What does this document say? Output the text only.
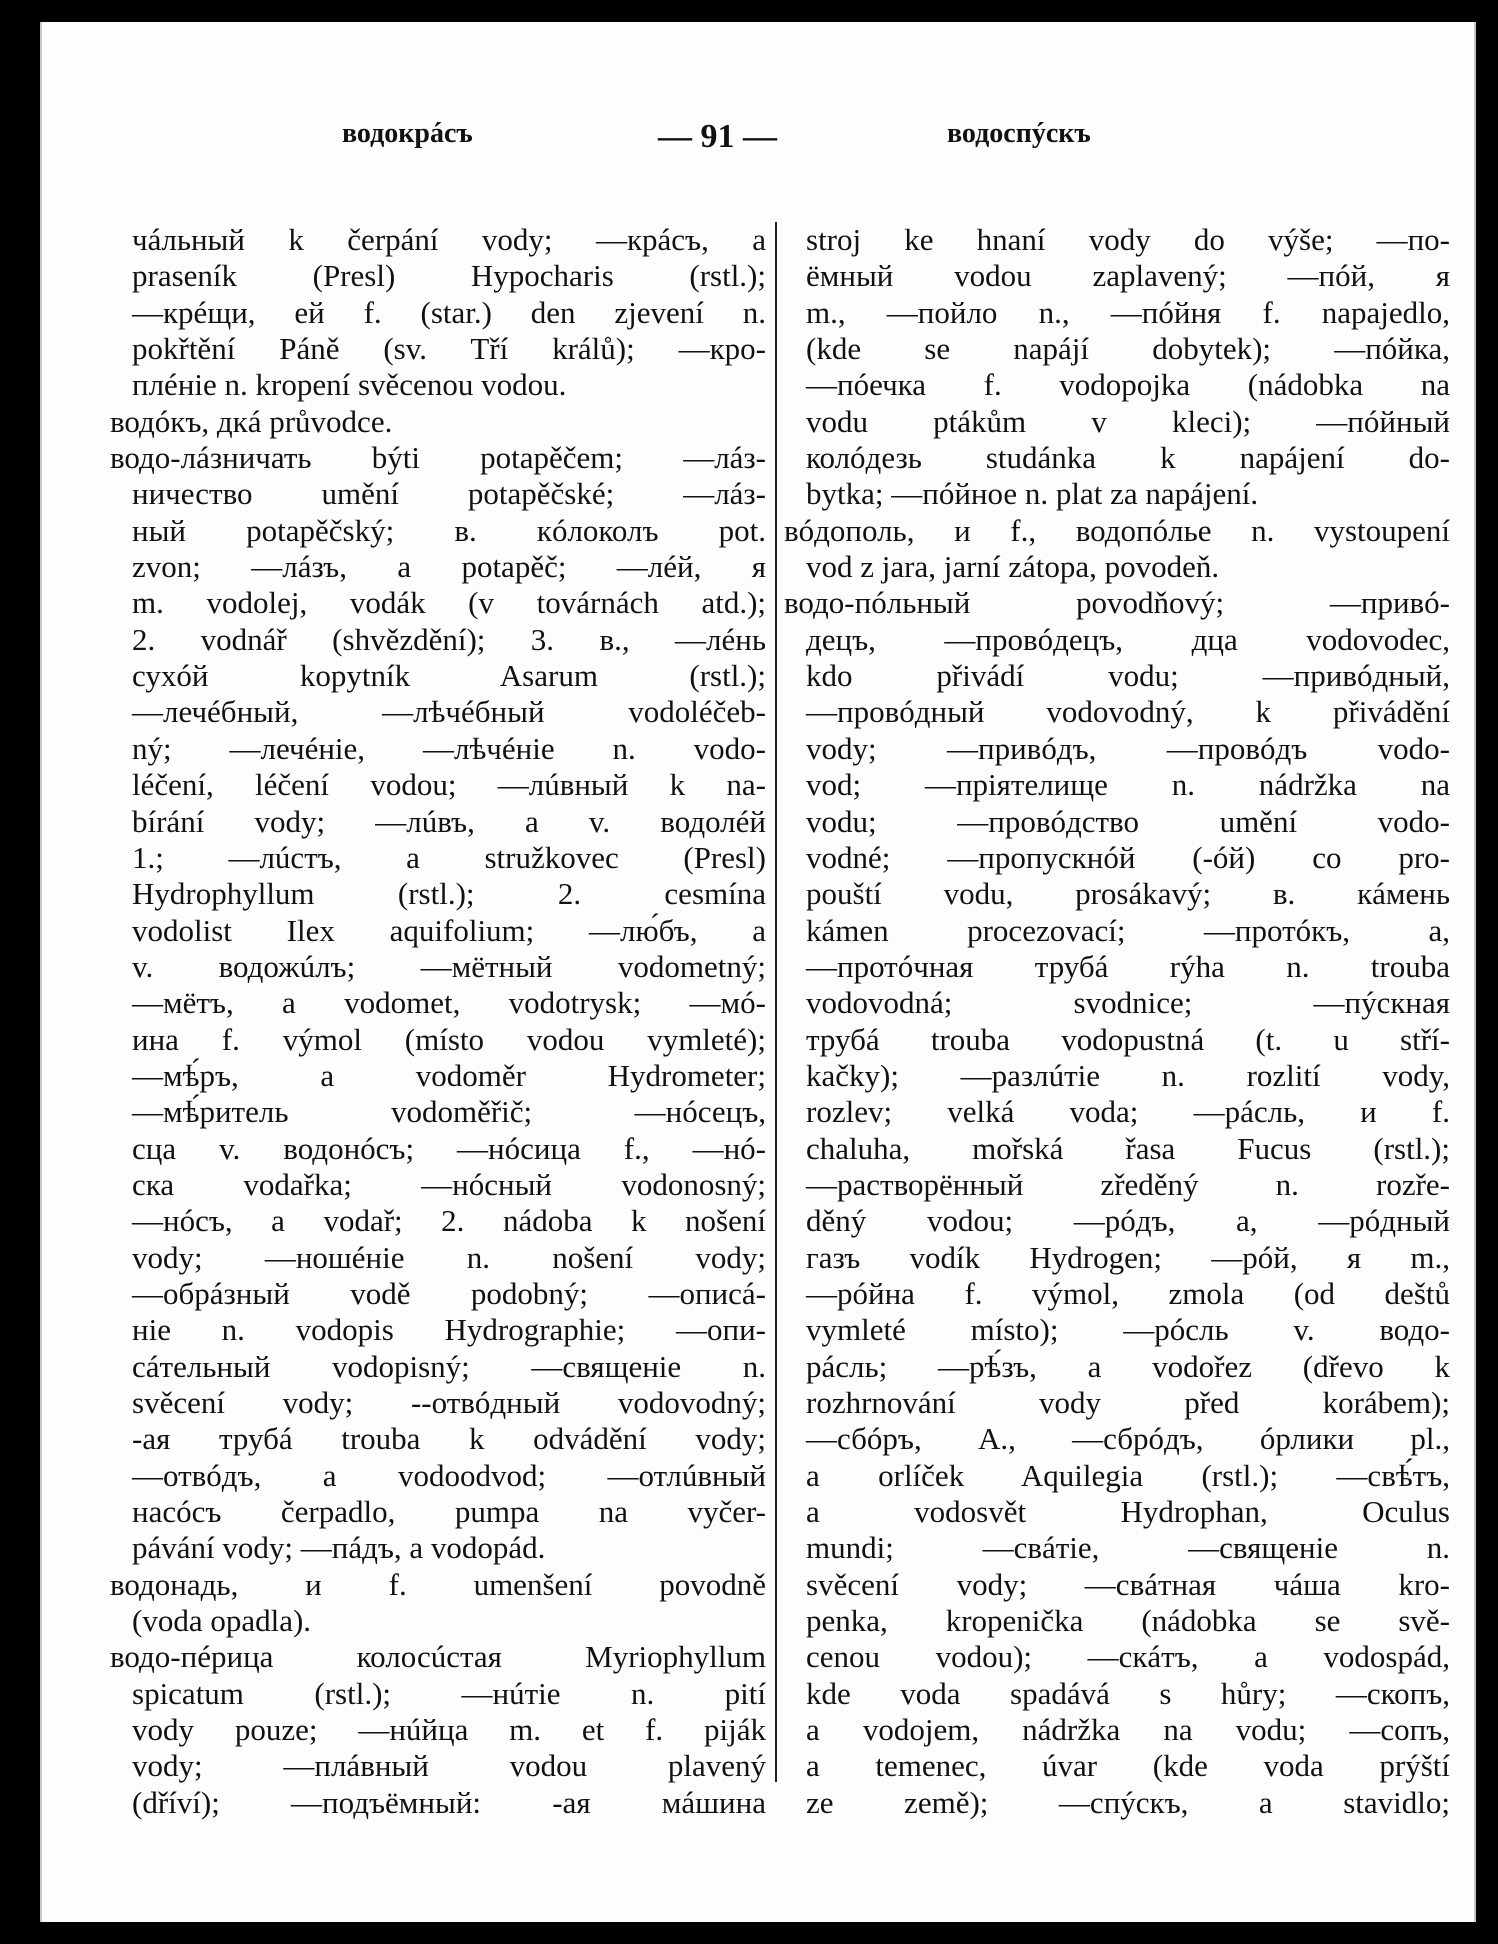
водокрáсъ	— 91 —	водоспýскъ
чáльный k čerpání vody; —крáсъ, a
praseník (Presl) Hypocharis (rstl.);
—крéщи, ей f. (star.) den zjevení n.
pokřtění Páně (sv. Tří králů); —кро-
плéніе n. kropení svěcenou vodou.
водóкъ, дкá průvodce.
водо-лáзничать býti potapěčem; —лáз-
ничество umění potapěčské; —лáз-
ный potapěčský; в. кóлоколъ pot.
zvon; —лáзъ, a potapěč; —лéй, я
m. vodolej, vodák (v továrnách atd.);
2. vodnář (shvězdění); 3. в., —лéнь
сухóй kopytník Asarum (rstl.);
—лечéбный, —лѣчéбный vodoléčeb-
ný; —лечéніе, —лѣчéніе n. vodo-
léčení, léčení vodou; —лúвный k na-
bírání vody; —лúвъ, a v. водолéй
1.; —лúстъ, a stružkovec (Presl)
Hydrophyllum (rstl.); 2. cesmína
vodolist Ilex aquifolium; —лю́бъ, a
v. водожúлъ; —мётный vodometný;
—мётъ, a vodomet, vodotrysk; —мó-
ина f. výmol (místo vodou vymleté);
—мѣ́ръ, a vodoměr Hydrometer;
—мѣ́ритель vodoměřič; —нóсецъ,
сца v. водонóсъ; —нóсица f., —нó-
ска vodařka; —нóсный vodonosný;
—нóсъ, a vodař; 2. nádoba k nošení
vody; —ношéніе n. nošení vody;
—обрáзный vodě podobný; —описá-
ніе n. vodopis Hydrographie; —опи-
сáтельный vodopisný; —священіе n.
svěcení vody; --отвóдный vodovodný;
-ая трубá trouba k odvádění vody;
—отвóдъ, a vodoodvod; —отлúвный
насóсъ čerpadlo, pumpa na vyčer-
pávání vody; —пáдъ, a vodopád.
водонадь, и f. umenšení povodně
(voda opadla).
водо-пéрица колосúстая Myriophyllum
spicatum (rstl.); —нúтіе n. pití
vody pouze; —нúйца m. et f. piják
vody; —плáвный vodou plavený
(dříví); —подъёмный: -ая мáшина
stroj ke hnaní vody do výše; —по-
ёмный vodou zaplavený; —пóй, я
m., —пойло n., —пóйня f. napajedlo,
(kde se napájí dobytek); —пóйка,
—пóечка f. vodopojka (nádobka na
vodu ptákům v kleci); —пóйный
колóдезь studánka k napájení do-
bytka; —пóйное n. plat za napájení.
вóдополь, и f., водопóлье n. vystoupení
vod z jara, jarní zátopa, povodeň.
водо-пóльный povodňový; —привó-
децъ, —провóдецъ, дца vodovodec,
kdo přivádí vodu; —привóдный,
—провóдный vodovodný, k přivádění
vody; —привóдъ, —провóдъ vodo-
vod; —пріятелище n. nádržka na
vodu; —провóдство umění vodo-
vodné; —пропускнóй (-óй) co pro-
pouští vodu, prosákavý; в. кáмень
kámen procezovací; —протóкъ, a,
—протóчная трубá rýha n. trouba
vodovodná; svodnice; —пýскная
трубá trouba vodopustná (t. u stří-
kačky); —разлúтіе n. rozlití vody,
rozlev; velká voda; —рáсль, и f.
chaluha, mořská řasa Fucus (rstl.);
—растворённый zředěný n. rozře-
děný vodou; —рóдъ, a, —рóдный
газъ vodík Hydrogen; —рóй, я m.,
—рóйна f. výmol, zmola (od deštů
vymleté místo); —рóсль v. водо-
рáсль; —рѣ́зъ, a vodořez (dřevo k
rozhrnování vody před korábem);
—сбóръ, А., —сбрóдъ, óрлики pl.,
a orlíček Aquilegia (rstl.); —свѣ́тъ,
a vodosvět Hydrophan, Oculus
mundi; —свáтіе, —священіе n.
svěcení vody; —свáтная чáша kro-
penka, kropenička (nádobka se svě-
cenou vodou); —скáтъ, a vodospád,
kde voda spadává s hůry; —скопъ,
a vodojem, nádržka na vodu; —сопъ,
a temenec, úvar (kde voda prýští
ze země); —спýскъ, a stavidlo;
